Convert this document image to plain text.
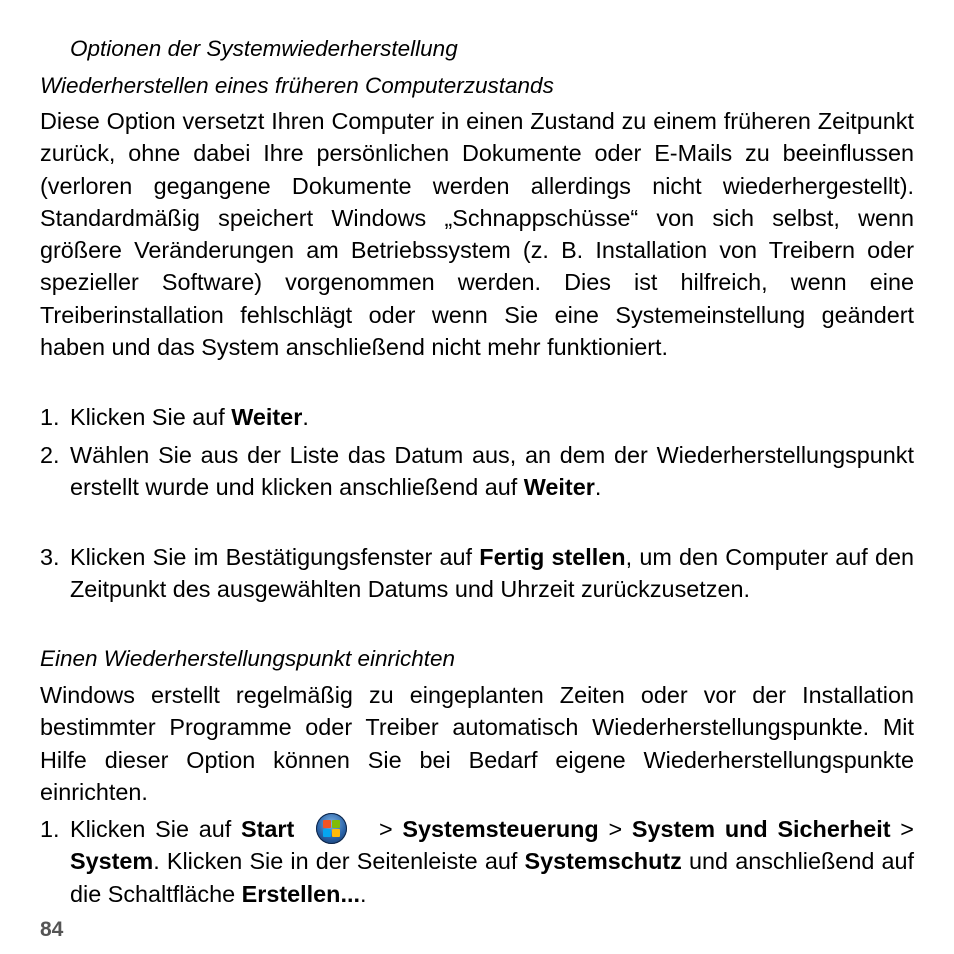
Optionen der Systemwiederherstellung
Wiederherstellen eines früheren Computerzustands
Diese Option versetzt Ihren Computer in einen Zustand zu einem früheren Zeitpunkt zurück, ohne dabei Ihre persönlichen Dokumente oder E-Mails zu beeinflussen (verloren gegangene Dokumente werden allerdings nicht wiederhergestellt). Standardmäßig speichert Windows „Schnappschüsse“ von sich selbst, wenn größere Veränderungen am Betriebssystem (z. B. Installation von Treibern oder spezieller Software) vorgenommen werden. Dies ist hilfreich, wenn eine Treiberinstallation fehlschlägt oder wenn Sie eine Systemeinstellung geändert haben und das System anschließend nicht mehr funktioniert.
1. Klicken Sie auf Weiter.
2. Wählen Sie aus der Liste das Datum aus, an dem der Wiederherstellungspunkt erstellt wurde und klicken anschließend auf Weiter.
3. Klicken Sie im Bestätigungsfenster auf Fertig stellen, um den Computer auf den Zeitpunkt des ausgewählten Datums und Uhrzeit zurückzusetzen.
Einen Wiederherstellungspunkt einrichten
Windows erstellt regelmäßig zu eingeplanten Zeiten oder vor der Installation bestimmter Programme oder Treiber automatisch Wiederherstellungspunkte. Mit Hilfe dieser Option können Sie bei Bedarf eigene Wiederherstellungspunkte einrichten.
1. Klicken Sie auf Start	> Systemsteuerung > System und Sicherheit > System. Klicken Sie in der Seitenleiste auf Systemschutz und anschließend auf die Schaltfläche Erstellen....
84
